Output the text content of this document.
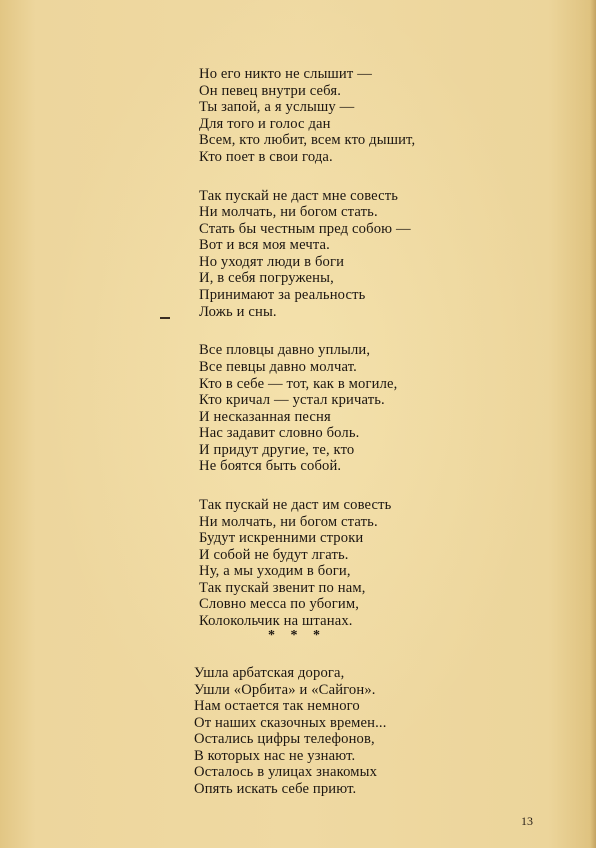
Но его никто не слышит —
Он певец внутри себя.
Ты запой, а я услышу —
Для того и голос дан
Всем, кто любит, всем кто дышит,
Кто поет в свои года.
Так пускай не даст мне совесть
Ни молчать, ни богом стать.
Стать бы честным пред собою —
Вот и вся моя мечта.
Но уходят люди в боги
И, в себя погружены,
Принимают за реальность
Ложь и сны.
Все пловцы давно уплыли,
Все певцы давно молчат.
Кто в себе — тот, как в могиле,
Кто кричал — устал кричать.
И несказанная песня
Нас задавит словно боль.
И придут другие, те, кто
Не боятся быть собой.
Так пускай не даст им совесть
Ни молчать, ни богом стать.
Будут искренними строки
И собой не будут лгать.
Ну, а мы уходим в боги,
Так пускай звенит по нам,
Словно месса по убогим,
Колокольчик на штанах.
* * *
Ушла арбатская дорога,
Ушли «Орбита» и «Сайгон».
Нам остается так немного
От наших сказочных времен...
Остались цифры телефонов,
В которых нас не узнают.
Осталось в улицах знакомых
Опять искать себе приют.
13
